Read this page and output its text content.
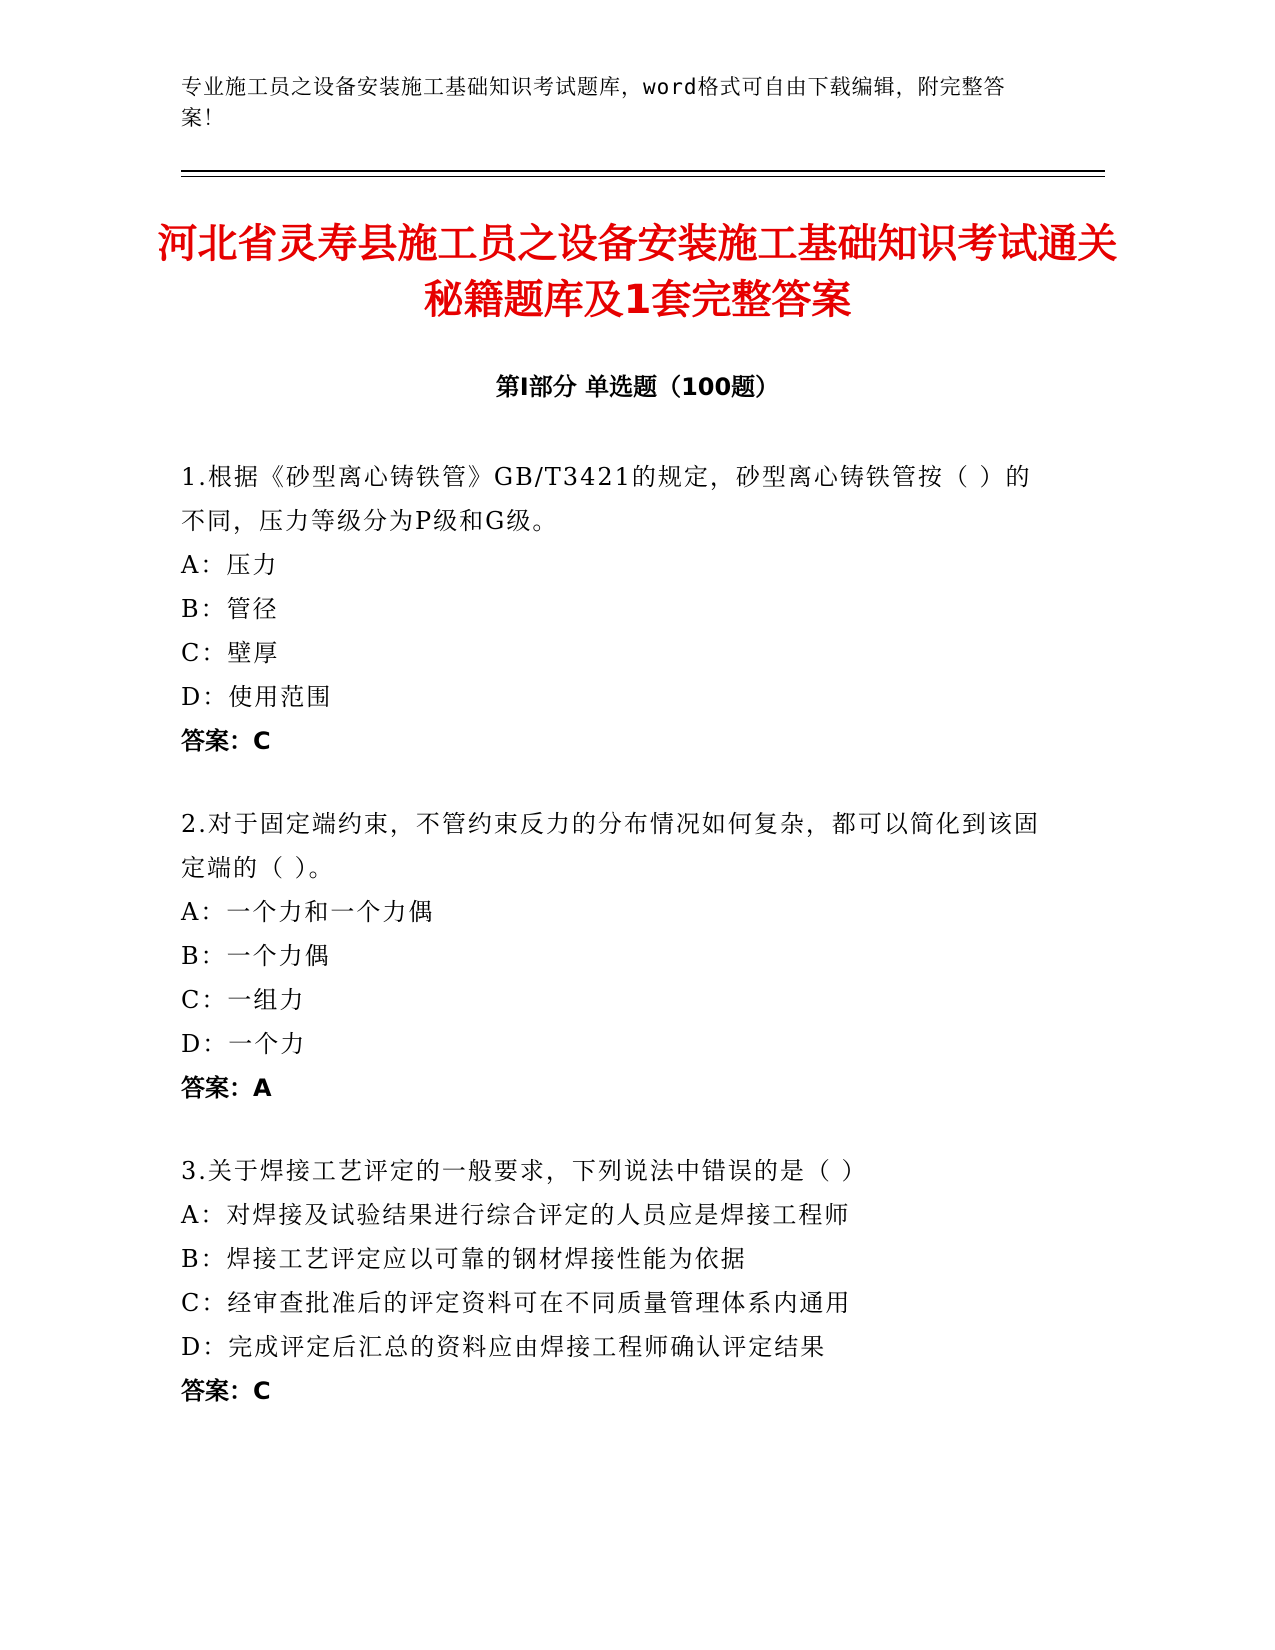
专业施工员之设备安装施工基础知识考试题库，word格式可自由下载编辑，附完整答案！
河北省灵寿县施工员之设备安装施工基础知识考试通关秘籍题库及1套完整答案
第I部分 单选题（100题）
1.根据《砂型离心铸铁管》GB/T3421的规定，砂型离心铸铁管按（ ）的不同，压力等级分为P级和G级。
A：压力
B：管径
C：壁厚
D：使用范围
答案：C
2.对于固定端约束，不管约束反力的分布情况如何复杂，都可以简化到该固定端的（ ）。
A：一个力和一个力偶
B：一个力偶
C：一组力
D：一个力
答案：A
3.关于焊接工艺评定的一般要求，下列说法中错误的是（ ）
A：对焊接及试验结果进行综合评定的人员应是焊接工程师
B：焊接工艺评定应以可靠的钢材焊接性能为依据
C：经审查批准后的评定资料可在不同质量管理体系内通用
D：完成评定后汇总的资料应由焊接工程师确认评定结果
答案：C
